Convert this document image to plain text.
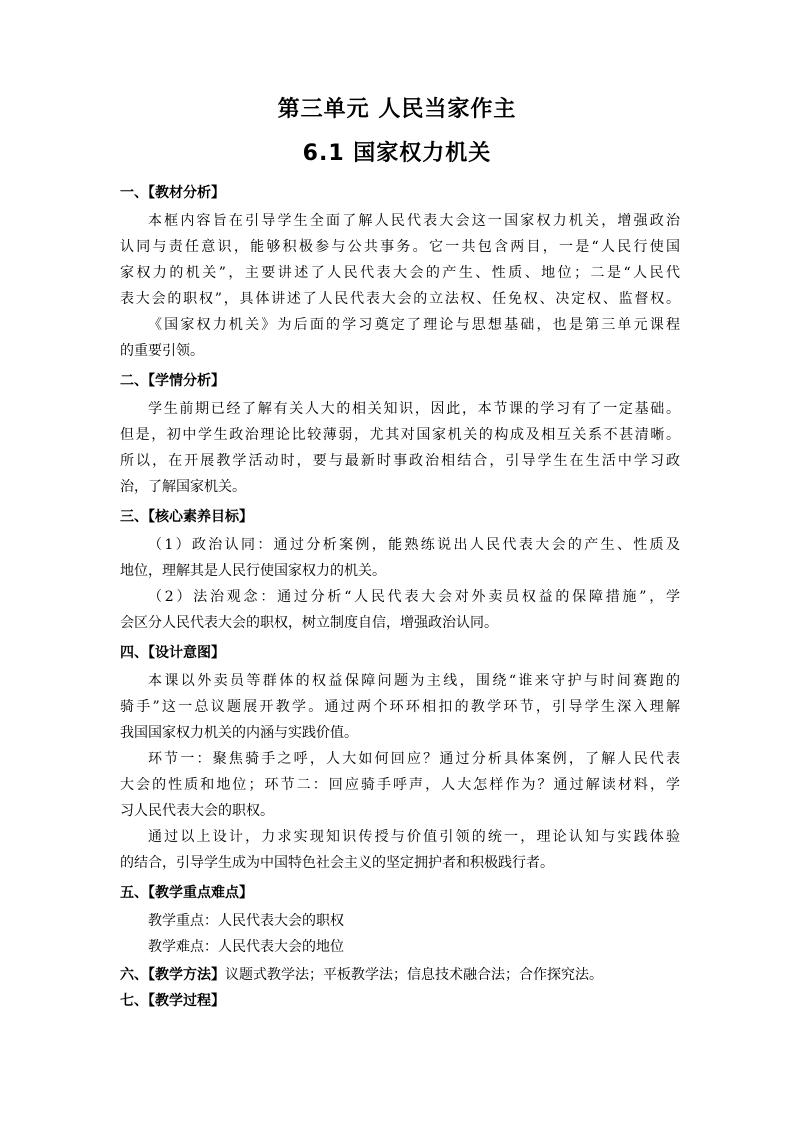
第三单元 人民当家作主
6.1 国家权力机关
一、【教材分析】
本框内容旨在引导学生全面了解人民代表大会这一国家权力机关，增强政治
认同与责任意识，能够积极参与公共事务。它一共包含两目，一是“人民行使国
家权力的机关”，主要讲述了人民代表大会的产生、性质、地位；二是“人民代
表大会的职权”，具体讲述了人民代表大会的立法权、任免权、决定权、监督权。
《国家权力机关》为后面的学习奠定了理论与思想基础，也是第三单元课程
的重要引领。
二、【学情分析】
学生前期已经了解有关人大的相关知识，因此，本节课的学习有了一定基础。
但是，初中学生政治理论比较薄弱，尤其对国家机关的构成及相互关系不甚清晰。
所以，在开展教学活动时，要与最新时事政治相结合，引导学生在生活中学习政
治，了解国家机关。
三、【核心素养目标】
（1）政治认同：通过分析案例，能熟练说出人民代表大会的产生、性质及
地位，理解其是人民行使国家权力的机关。
（2）法治观念：通过分析“人民代表大会对外卖员权益的保障措施”，学
会区分人民代表大会的职权，树立制度自信，增强政治认同。
四、【设计意图】
本课以外卖员等群体的权益保障问题为主线，围绕“谁来守护与时间赛跑的
骑手”这一总议题展开教学。通过两个环环相扣的教学环节，引导学生深入理解
我国国家权力机关的内涵与实践价值。
环节一：聚焦骑手之呼，人大如何回应？通过分析具体案例，了解人民代表
大会的性质和地位；环节二：回应骑手呼声，人大怎样作为？通过解读材料，学
习人民代表大会的职权。
通过以上设计，力求实现知识传授与价值引领的统一，理论认知与实践体验
的结合，引导学生成为中国特色社会主义的坚定拥护者和积极践行者。
五、【教学重点难点】
教学重点：人民代表大会的职权
教学难点：人民代表大会的地位
六、【教学方法】议题式教学法；平板教学法；信息技术融合法；合作探究法。
七、【教学过程】
